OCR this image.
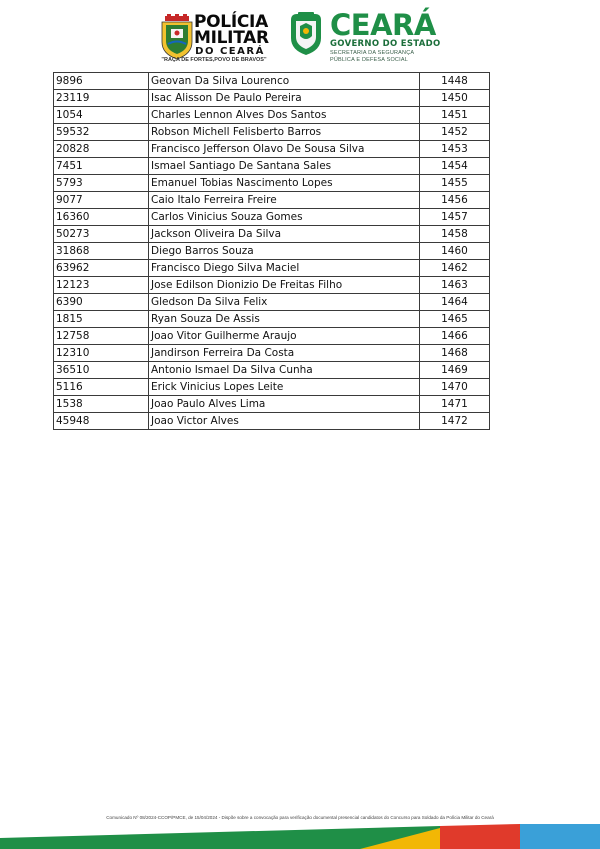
POLÍCIA
MILITAR
DO CEARÁ
"RAÇA DE FORTES,POVO DE BRAVOS"
CEARÁ
GOVERNO DO ESTADO
SECRETARIA DA SEGURANÇA
PÚBLICA E DEFESA SOCIAL
9896	Geovan Da Silva Lourenco	1448
23119	Isac Alisson De Paulo Pereira	1450
1054	Charles Lennon Alves Dos Santos	1451
59532	Robson Michell Felisberto Barros	1452
20828	Francisco Jefferson Olavo De Sousa Silva	1453
7451	Ismael Santiago De Santana Sales	1454
5793	Emanuel Tobias Nascimento Lopes	1455
9077	Caio Italo Ferreira Freire	1456
16360	Carlos Vinicius Souza Gomes	1457
50273	Jackson Oliveira Da Silva	1458
31868	Diego Barros Souza	1460
63962	Francisco Diego Silva Maciel	1462
12123	Jose Edilson Dionizio De Freitas Filho	1463
6390	Gledson Da Silva Felix	1464
1815	Ryan Souza De Assis	1465
12758	Joao Vitor Guilherme Araujo	1466
12310	Jandirson Ferreira Da Costa	1468
36510	Antonio Ismael Da Silva Cunha	1469
5116	Erick Vinicius Lopes Leite	1470
1538	Joao Paulo Alves Lima	1471
45948	Joao Victor Alves	1472
Comunicado Nº 08/2024-CCOP/PMCE, de 15/04/2024 - Dispõe sobre a convocação para verificação documental presencial candidatos do Concurso para Soldado da Polícia Militar do Ceará
